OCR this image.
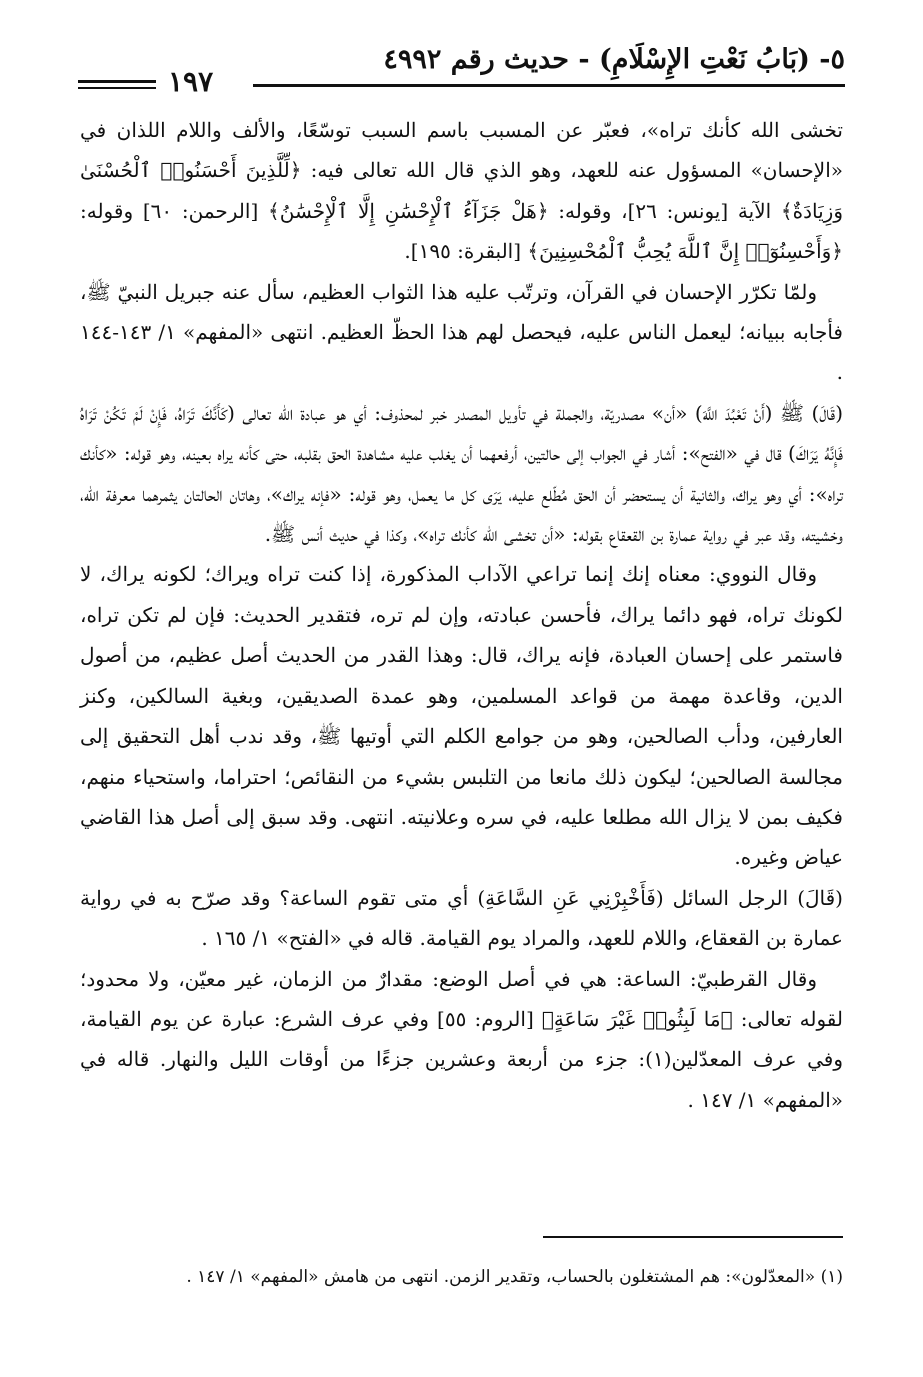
٥- (بَابُ نَعْتِ الإِسْلَامِ) - حديث رقم ٤٩٩٢
١٩٧

تخشى الله كأنك تراه»، فعبّر عن المسبب باسم السبب توسّعًا، والألف واللام اللذان في «الإحسان» المسؤول عنه للعهد، وهو الذي قال الله تعالى فيه: ﴿لِّلَّذِينَ أَحْسَنُوا۟ ٱلْحُسْنَىٰ وَزِيَادَةٌ﴾ الآية [يونس: ٢٦]، وقوله: ﴿هَلْ جَزَآءُ ٱلْإِحْسَٰنِ إِلَّا ٱلْإِحْسَٰنُ﴾ [الرحمن: ٦٠] وقوله: ﴿وَأَحْسِنُوٓا۟ إِنَّ ٱللَّهَ يُحِبُّ ٱلْمُحْسِنِينَ﴾ [البقرة: ١٩٥].

ولمّا تكرّر الإحسان في القرآن، وترتّب عليه هذا الثواب العظيم، سأل عنه جبريل النبيّ ﷺ، فأجابه ببيانه؛ ليعمل الناس عليه، فيحصل لهم هذا الحظّ العظيم. انتهى «المفهم» ١/ ١٤٣-١٤٤ .

(قَالَ) ﷺ (أَنْ تَعْبُدَ اللَّهَ) «أن» مصدريّة، والجملة في تأويل المصدر خبر لمحذوف: أي هو عبادة الله تعالى (كَأَنَّكَ تَرَاهُ، فَإِنْ لَمْ تَكُنْ تَرَاهُ فَإِنَّهُ يَرَاكَ) قال في «الفتح»: أشار في الجواب إلى حالتين، أرفعهما أن يغلب عليه مشاهدة الحق بقلبه، حتى كأنه يراه بعينه، وهو قوله: «كأنك تراه»: أي وهو يراك، والثانية أن يستحضر أن الحق مُطّلع عليه، يَرَى كل ما يعمل، وهو قوله: «فإنه يراك»، وهاتان الحالتان يثمرهما معرفة الله، وخشيته، وقد عبر في رواية عمارة بن القعقاع بقوله: «أن تخشى الله كأنك تراه»، وكذا في حديث أنس ﷺ.

وقال النووي: معناه إنك إنما تراعي الآداب المذكورة، إذا كنت تراه ويراك؛ لكونه يراك، لا لكونك تراه، فهو دائما يراك، فأحسن عبادته، وإن لم تره، فتقدير الحديث: فإن لم تكن تراه، فاستمر على إحسان العبادة، فإنه يراك، قال: وهذا القدر من الحديث أصل عظيم، من أصول الدين، وقاعدة مهمة من قواعد المسلمين، وهو عمدة الصديقين، وبغية السالكين، وكنز العارفين، ودأب الصالحين، وهو من جوامع الكلم التي أوتيها ﷺ، وقد ندب أهل التحقيق إلى مجالسة الصالحين؛ ليكون ذلك مانعا من التلبس بشيء من النقائص؛ احتراما، واستحياء منهم، فكيف بمن لا يزال الله مطلعا عليه، في سره وعلانيته. انتهى. وقد سبق إلى أصل هذا القاضي عياض وغيره.

(قَالَ) الرجل السائل (فَأَخْبِرْنِي عَنِ السَّاعَةِ) أي متى تقوم الساعة؟ وقد صرّح به في رواية عمارة بن القعقاع، واللام للعهد، والمراد يوم القيامة. قاله في «الفتح» ١/ ١٦٥ .

وقال القرطبيّ: الساعة: هي في أصل الوضع: مقدارٌ من الزمان، غير معيّن، ولا محدود؛ لقوله تعالى: ﴿مَا لَبِثُوا۟ غَيْرَ سَاعَةٍ﴾ [الروم: ٥٥] وفي عرف الشرع: عبارة عن يوم القيامة، وفي عرف المعدّلين(١): جزء من أربعة وعشرين جزءًا من أوقات الليل والنهار. قاله في «المفهم» ١/ ١٤٧ .

(١) «المعدّلون»: هم المشتغلون بالحساب، وتقدير الزمن. انتهى من هامش «المفهم» ١/ ١٤٧ .
